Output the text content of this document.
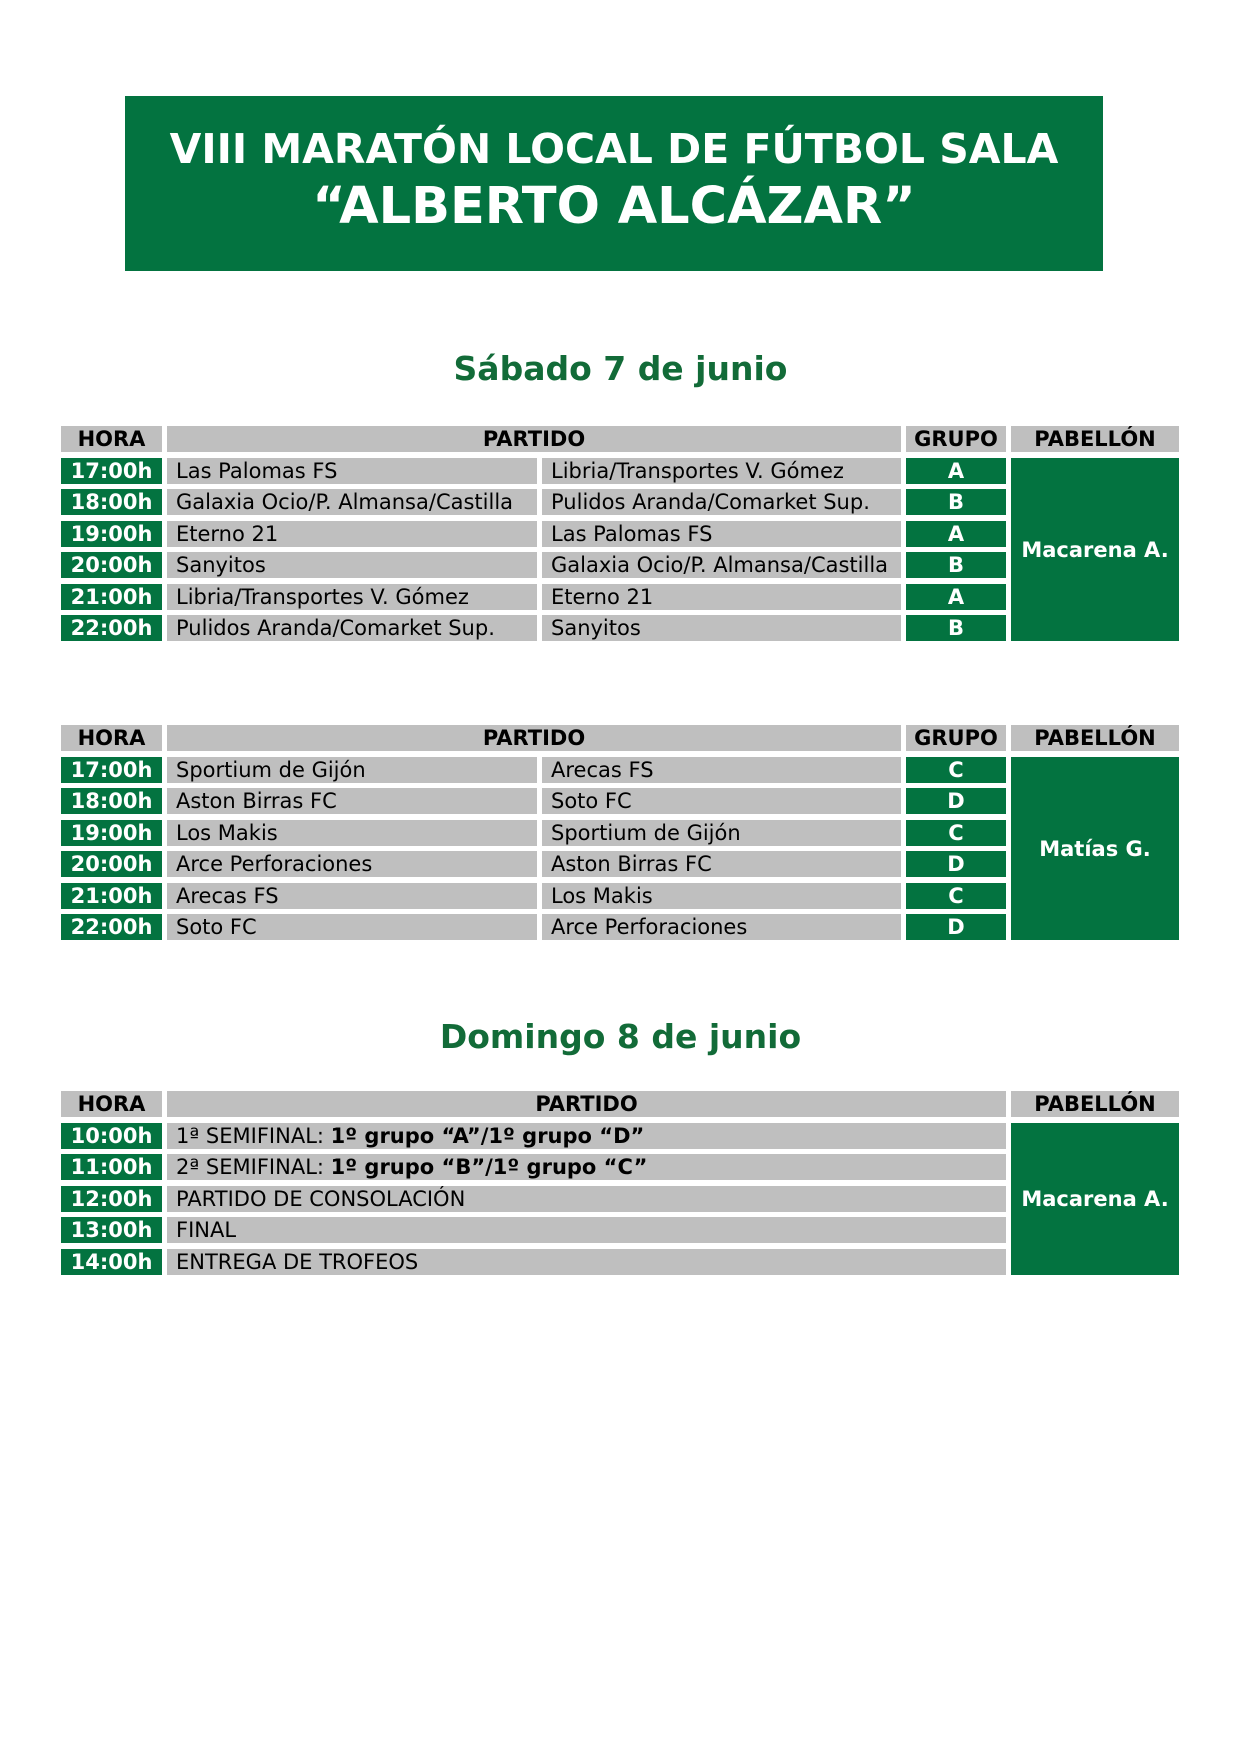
VIII MARATÓN LOCAL DE FÚTBOL SALA
“ALBERTO ALCÁZAR”
Sábado 7 de junio
HORA	PARTIDO	GRUPO	PABELLÓN
17:00h	Las Palomas FS	Libria/Transportes V. Gómez	A
18:00h	Galaxia Ocio/P. Almansa/Castilla	Pulidos Aranda/Comarket Sup.	B
19:00h	Eterno 21	Las Palomas FS	A
20:00h	Sanyitos	Galaxia Ocio/P. Almansa/Castilla	B
21:00h	Libria/Transportes V. Gómez	Eterno 21	A
22:00h	Pulidos Aranda/Comarket Sup.	Sanyitos	B
Macarena A.
HORA	PARTIDO	GRUPO	PABELLÓN
17:00h	Sportium de Gijón	Arecas FS	C
18:00h	Aston Birras FC	Soto FC	D
19:00h	Los Makis	Sportium de Gijón	C
20:00h	Arce Perforaciones	Aston Birras FC	D
21:00h	Arecas FS	Los Makis	C
22:00h	Soto FC	Arce Perforaciones	D
Matías G.
Domingo 8 de junio
HORA	PARTIDO	PABELLÓN
10:00h	1ª SEMIFINAL: 1º grupo “A”/1º grupo “D”
11:00h	2ª SEMIFINAL: 1º grupo “B”/1º grupo “C”
12:00h	PARTIDO DE CONSOLACIÓN
13:00h	FINAL
14:00h	ENTREGA DE TROFEOS
Macarena A.
